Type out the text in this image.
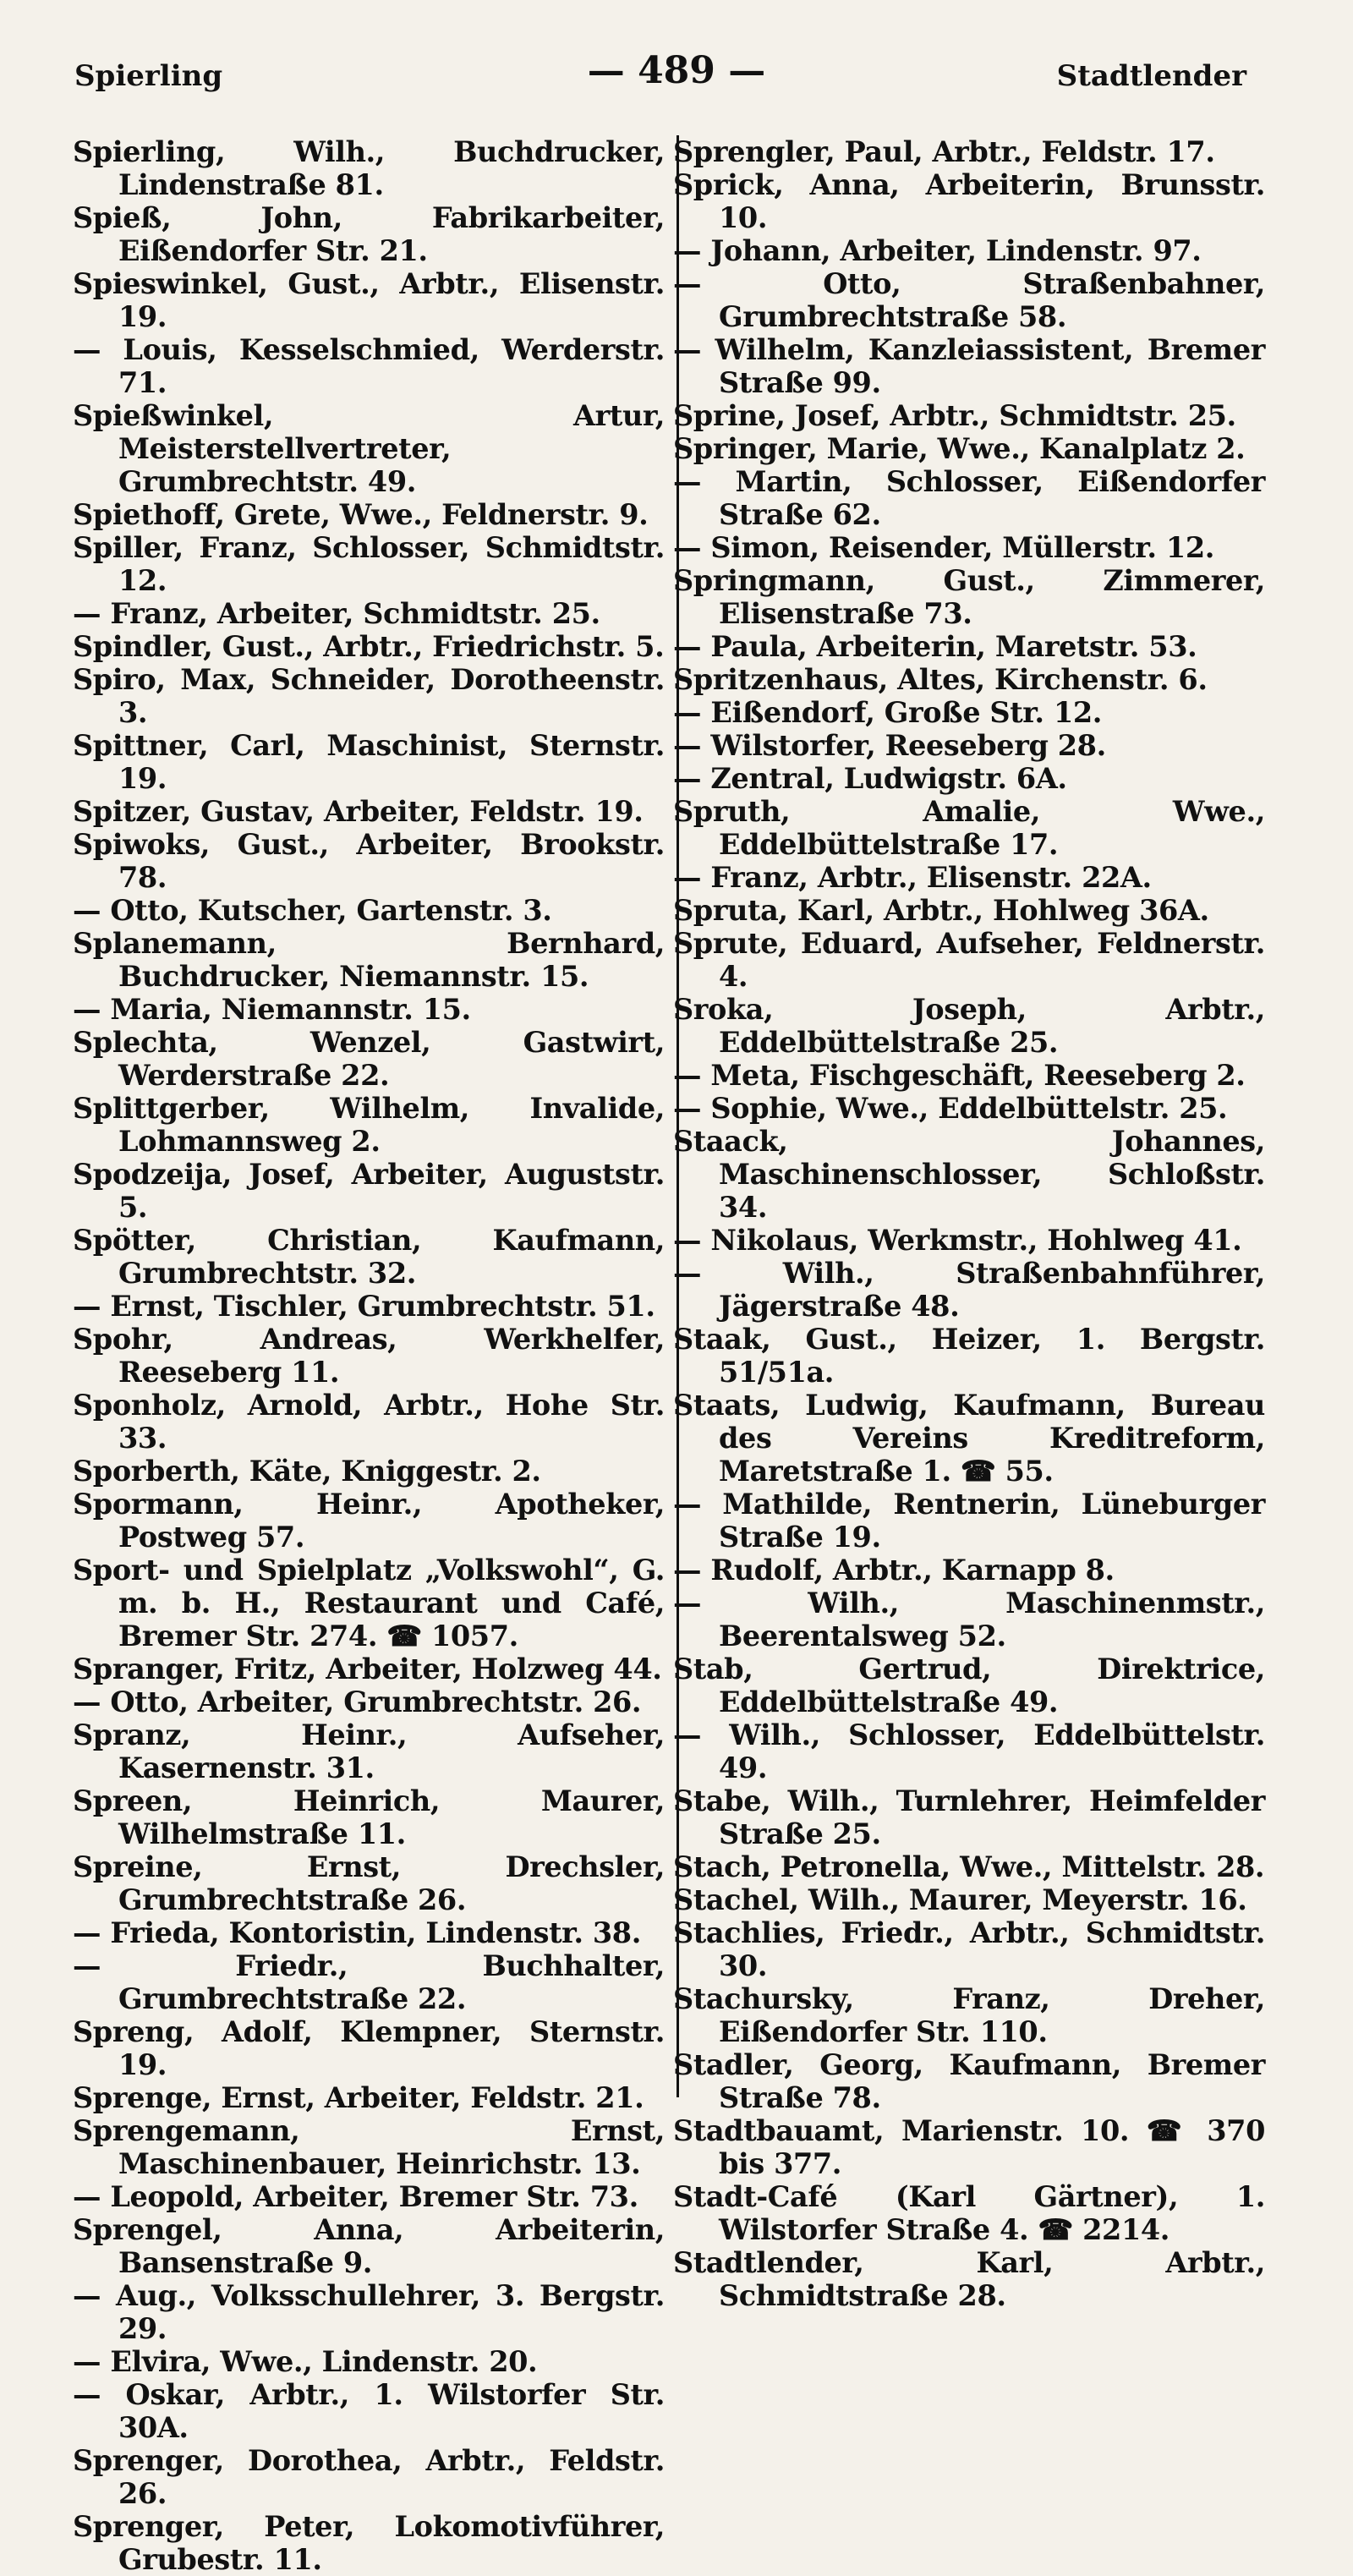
Spierling	— 489 —	Stadtlender
Spierling, Wilh., Buchdrucker, Lindenstraße 81.
Spieß, John, Fabrikarbeiter, Eißendorfer Str. 21.
Spieswinkel, Gust., Arbtr., Elisenstr. 19.
— Louis, Kesselschmied, Werderstr. 71.
Spießwinkel, Artur, Meisterstellvertreter, Grumbrechtstr. 49.
Spiethoff, Grete, Wwe., Feldnerstr. 9.
Spiller, Franz, Schlosser, Schmidtstr. 12.
— Franz, Arbeiter, Schmidtstr. 25.
Spindler, Gust., Arbtr., Friedrichstr. 5.
Spiro, Max, Schneider, Dorotheenstr. 3.
Spittner, Carl, Maschinist, Sternstr. 19.
Spitzer, Gustav, Arbeiter, Feldstr. 19.
Spiwoks, Gust., Arbeiter, Brookstr. 78.
— Otto, Kutscher, Gartenstr. 3.
Splanemann, Bernhard, Buchdrucker, Niemannstr. 15.
— Maria, Niemannstr. 15.
Splechta, Wenzel, Gastwirt, Werderstraße 22.
Splittgerber, Wilhelm, Invalide, Lohmannsweg 2.
Spodzeija, Josef, Arbeiter, Auguststr. 5.
Spötter, Christian, Kaufmann, Grumbrechtstr. 32.
— Ernst, Tischler, Grumbrechtstr. 51.
Spohr, Andreas, Werkhelfer, Reeseberg 11.
Sponholz, Arnold, Arbtr., Hohe Str. 33.
Sporberth, Käte, Kniggestr. 2.
Spormann, Heinr., Apotheker, Postweg 57.
Sport- und Spielplatz „Volkswohl“, G. m. b. H., Restaurant und Café, Bremer Str. 274. ☎ 1057.
Spranger, Fritz, Arbeiter, Holzweg 44.
— Otto, Arbeiter, Grumbrechtstr. 26.
Spranz, Heinr., Aufseher, Kasernenstr. 31.
Spreen, Heinrich, Maurer, Wilhelmstraße 11.
Spreine, Ernst, Drechsler, Grumbrechtstraße 26.
— Frieda, Kontoristin, Lindenstr. 38.
— Friedr., Buchhalter, Grumbrechtstraße 22.
Spreng, Adolf, Klempner, Sternstr. 19.
Sprenge, Ernst, Arbeiter, Feldstr. 21.
Sprengemann, Ernst, Maschinenbauer, Heinrichstr. 13.
— Leopold, Arbeiter, Bremer Str. 73.
Sprengel, Anna, Arbeiterin, Bansenstraße 9.
— Aug., Volksschullehrer, 3. Bergstr. 29.
— Elvira, Wwe., Lindenstr. 20.
— Oskar, Arbtr., 1. Wilstorfer Str. 30A.
Sprenger, Dorothea, Arbtr., Feldstr. 26.
Sprenger, Peter, Lokomotivführer, Grubestr. 11.
Sprengler, Paul, Arbtr., Feldstr. 17.
Sprick, Anna, Arbeiterin, Brunsstr. 10.
— Johann, Arbeiter, Lindenstr. 97.
— Otto, Straßenbahner, Grumbrechtstraße 58.
— Wilhelm, Kanzleiassistent, Bremer Straße 99.
Sprine, Josef, Arbtr., Schmidtstr. 25.
Springer, Marie, Wwe., Kanalplatz 2.
— Martin, Schlosser, Eißendorfer Straße 62.
— Simon, Reisender, Müllerstr. 12.
Springmann, Gust., Zimmerer, Elisenstraße 73.
— Paula, Arbeiterin, Maretstr. 53.
Spritzenhaus, Altes, Kirchenstr. 6.
— Eißendorf, Große Str. 12.
— Wilstorfer, Reeseberg 28.
— Zentral, Ludwigstr. 6A.
Spruth, Amalie, Wwe., Eddelbüttelstraße 17.
— Franz, Arbtr., Elisenstr. 22A.
Spruta, Karl, Arbtr., Hohlweg 36A.
Sprute, Eduard, Aufseher, Feldnerstr. 4.
Sroka, Joseph, Arbtr., Eddelbüttelstraße 25.
— Meta, Fischgeschäft, Reeseberg 2.
— Sophie, Wwe., Eddelbüttelstr. 25.
Staack, Johannes, Maschinenschlosser, Schloßstr. 34.
— Nikolaus, Werkmstr., Hohlweg 41.
— Wilh., Straßenbahnführer, Jägerstraße 48.
Staak, Gust., Heizer, 1. Bergstr. 51/51a.
Staats, Ludwig, Kaufmann, Bureau des Vereins Kreditreform, Maretstraße 1. ☎ 55.
— Mathilde, Rentnerin, Lüneburger Straße 19.
— Rudolf, Arbtr., Karnapp 8.
— Wilh., Maschinenmstr., Beerentalsweg 52.
Stab, Gertrud, Direktrice, Eddelbüttelstraße 49.
— Wilh., Schlosser, Eddelbüttelstr. 49.
Stabe, Wilh., Turnlehrer, Heimfelder Straße 25.
Stach, Petronella, Wwe., Mittelstr. 28.
Stachel, Wilh., Maurer, Meyerstr. 16.
Stachlies, Friedr., Arbtr., Schmidtstr. 30.
Stachursky, Franz, Dreher, Eißendorfer Str. 110.
Stadler, Georg, Kaufmann, Bremer Straße 78.
Stadtbauamt, Marienstr. 10. ☎ 370 bis 377.
Stadt-Café (Karl Gärtner), 1. Wilstorfer Straße 4. ☎ 2214.
Stadtlender, Karl, Arbtr., Schmidtstraße 28.
